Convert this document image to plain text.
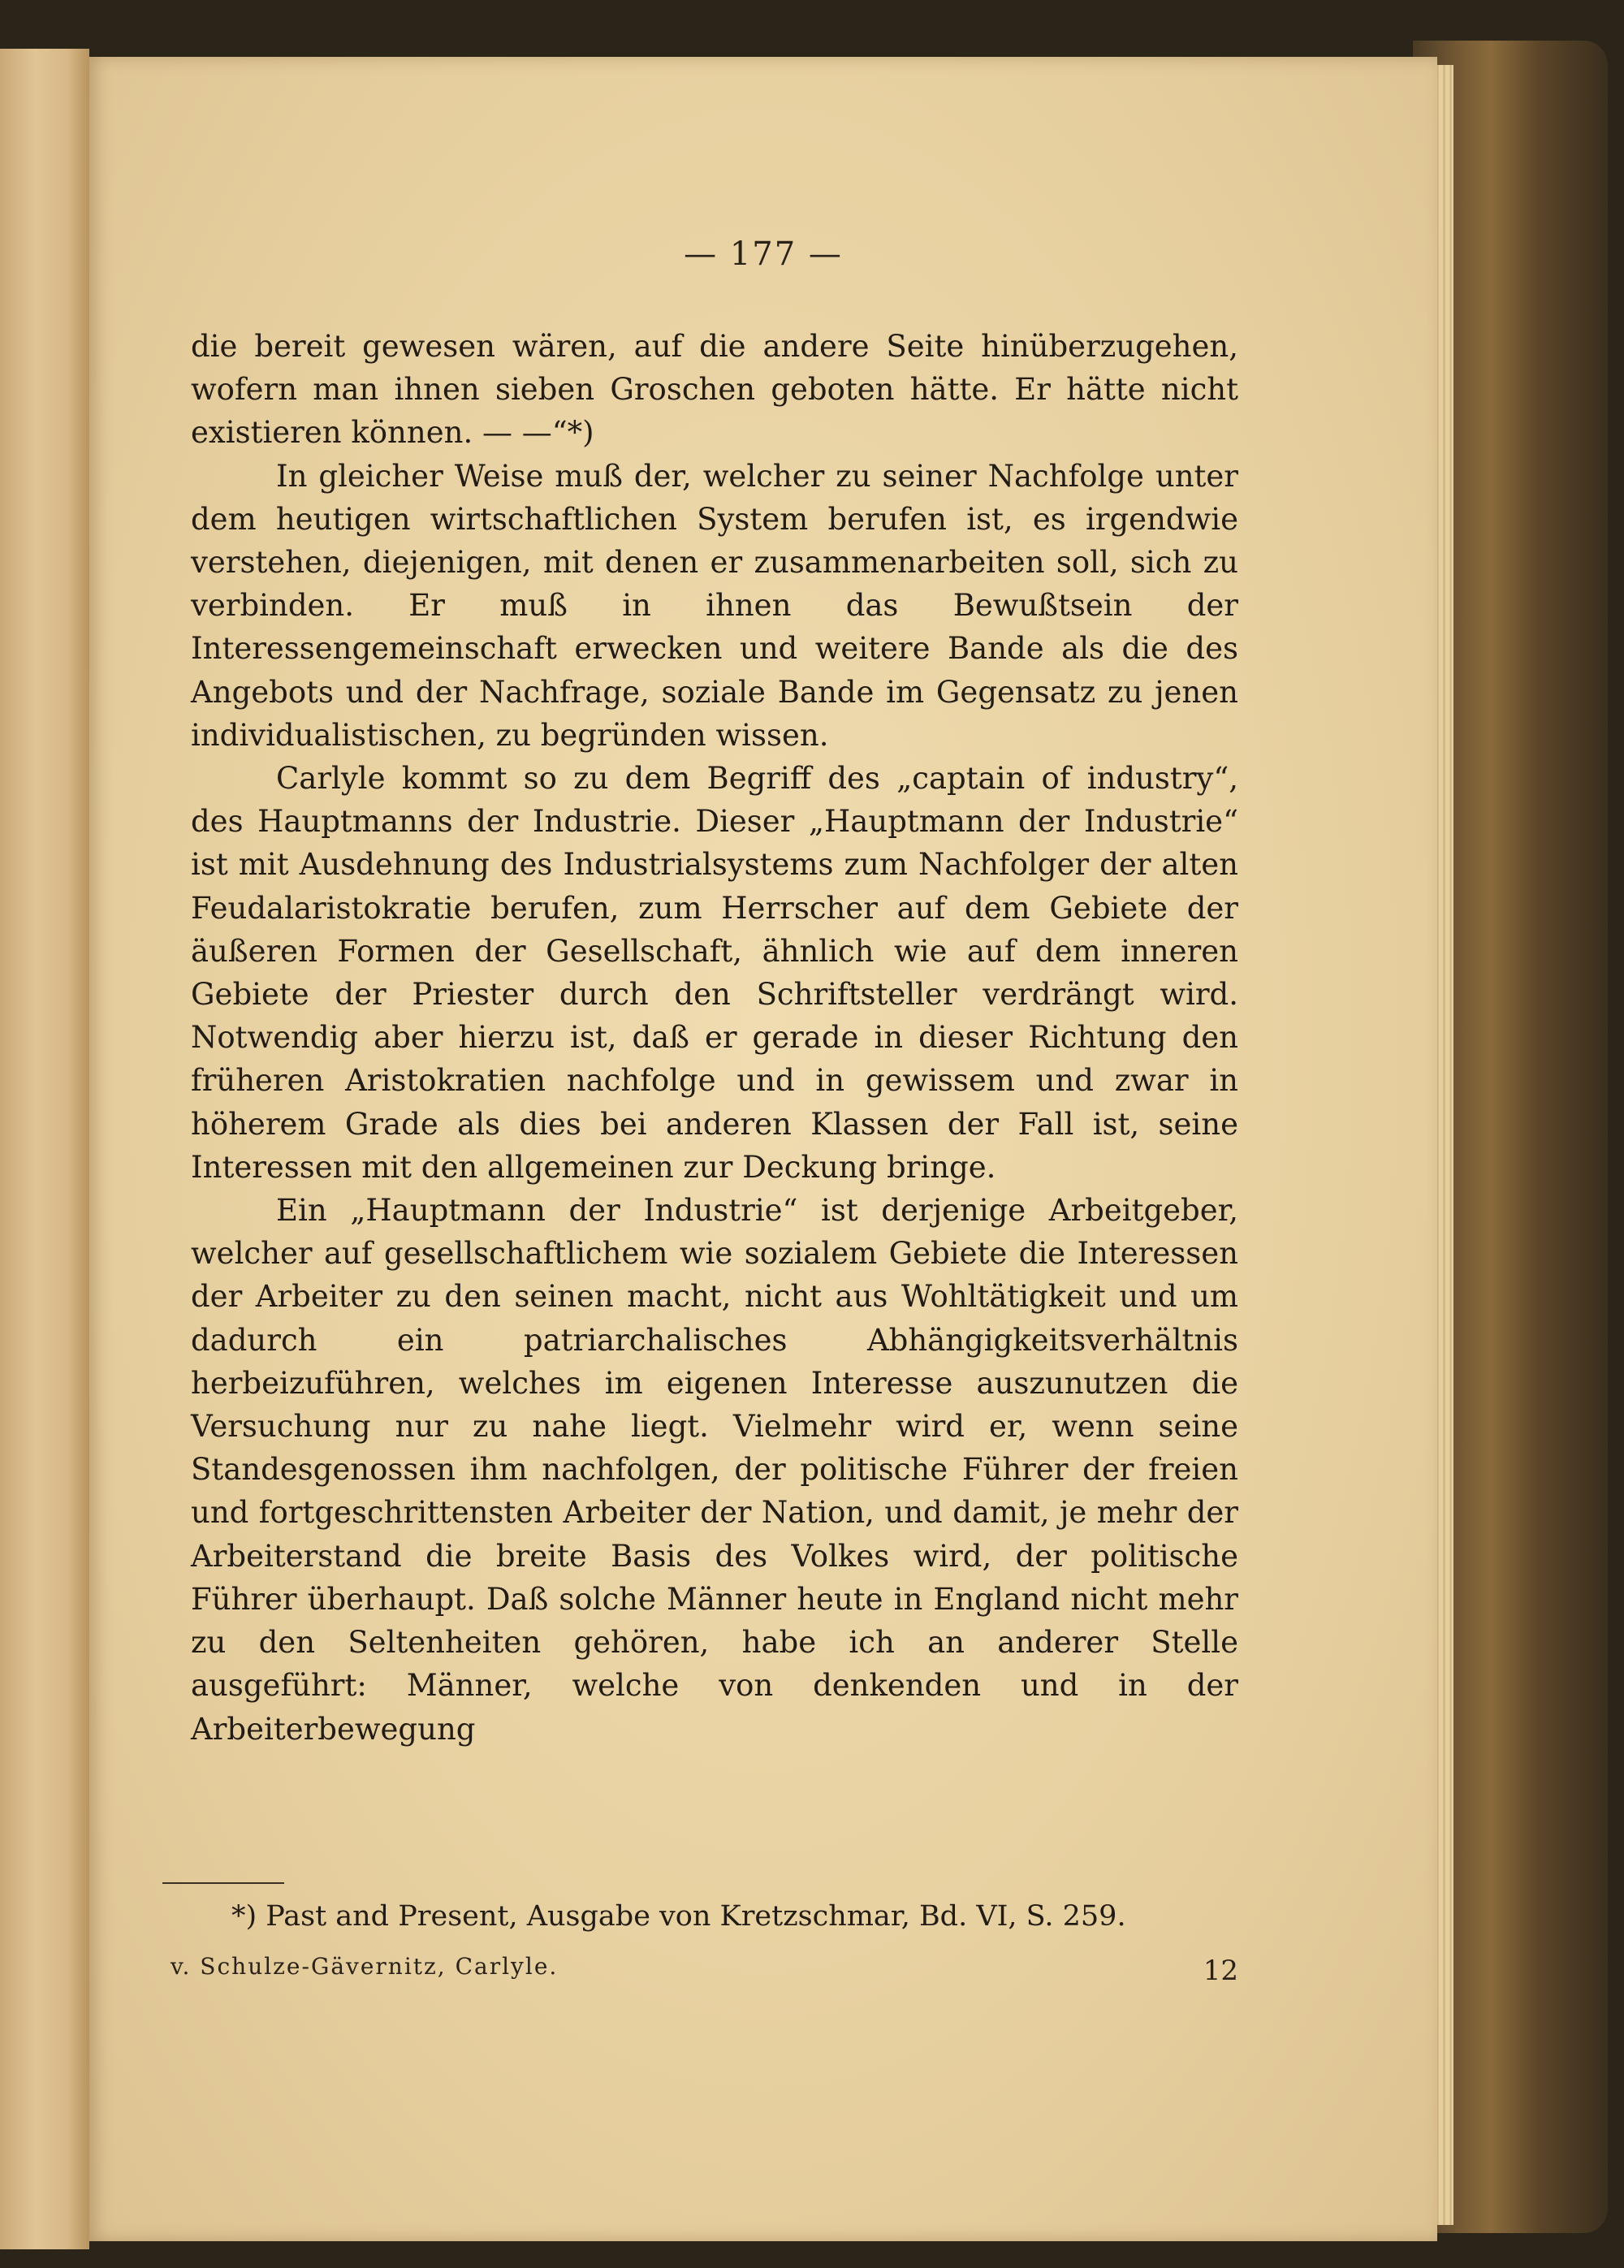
— 177 —

die bereit gewesen wären, auf die andere Seite hinüberzugehen, wofern man ihnen sieben Groschen geboten hätte. Er hätte nicht existieren können. — —“*)

In gleicher Weise muß der, welcher zu seiner Nachfolge unter dem heutigen wirtschaftlichen System berufen ist, es irgendwie verstehen, diejenigen, mit denen er zusammenarbeiten soll, sich zu verbinden. Er muß in ihnen das Bewußtsein der Interessengemeinschaft erwecken und weitere Bande als die des Angebots und der Nachfrage, soziale Bande im Gegensatz zu jenen individualistischen, zu begründen wissen.

Carlyle kommt so zu dem Begriff des „captain of industry“, des Hauptmanns der Industrie. Dieser „Hauptmann der Industrie“ ist mit Ausdehnung des Industrialsystems zum Nachfolger der alten Feudalaristokratie berufen, zum Herrscher auf dem Gebiete der äußeren Formen der Gesellschaft, ähnlich wie auf dem inneren Gebiete der Priester durch den Schriftsteller verdrängt wird. Notwendig aber hierzu ist, daß er gerade in dieser Richtung den früheren Aristokratien nachfolge und in gewissem und zwar in höherem Grade als dies bei anderen Klassen der Fall ist, seine Interessen mit den allgemeinen zur Deckung bringe.

Ein „Hauptmann der Industrie“ ist derjenige Arbeitgeber, welcher auf gesellschaftlichem wie sozialem Gebiete die Interessen der Arbeiter zu den seinen macht, nicht aus Wohltätigkeit und um dadurch ein patriarchalisches Abhängigkeitsverhältnis herbeizuführen, welches im eigenen Interesse auszunutzen die Versuchung nur zu nahe liegt. Vielmehr wird er, wenn seine Standesgenossen ihm nachfolgen, der politische Führer der freien und fortgeschrittensten Arbeiter der Nation, und damit, je mehr der Arbeiterstand die breite Basis des Volkes wird, der politische Führer überhaupt. Daß solche Männer heute in England nicht mehr zu den Seltenheiten gehören, habe ich an anderer Stelle ausgeführt: Männer, welche von denkenden und in der Arbeiterbewegung

*) Past and Present, Ausgabe von Kretzschmar, Bd. VI, S. 259.
v. Schulze-Gävernitz, Carlyle.	12
